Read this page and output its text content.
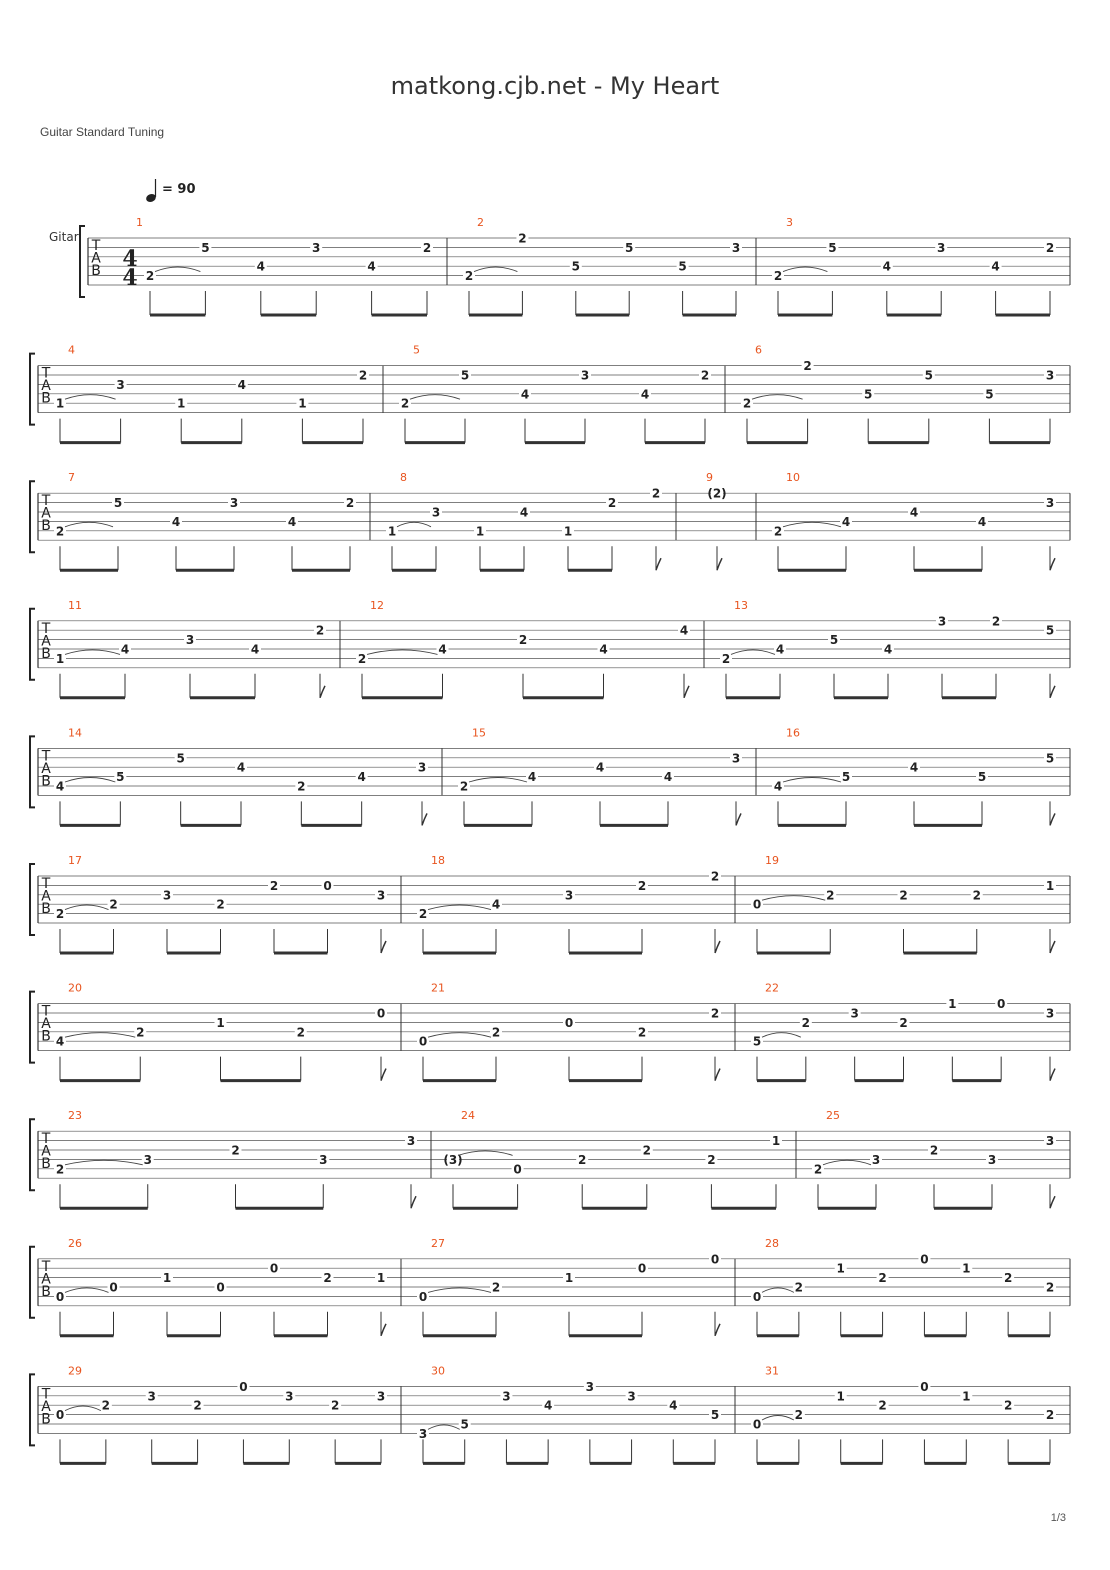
matkong.cjb.net - My Heart
Guitar Standard Tuning
= 90
T
A
B
Gitar
4
4
1
2
5
4
3
4
2
2
2
2
5
5
5
3
3
2
5
4
3
4
2
T
A
B
4
1
3
1
4
1
2
5
2
5
4
3
4
2
6
2
2
5
5
5
3
T
A
B
7
2
5
4
3
4
2
8
1
3
1
4
1
2
2
9
(2)
10
2
4
4
4
3
T
A
B
11
1
4
3
4
2
12
2
4
2
4
4
13
2
4
5
4
3	2
5
T
A
B
14
4
5
5
4
2
4
3
15
2
4
4
4
3
16
4
5
4
5
5
T
A
B
17
2
2
3
2
2	0
3
18
2
4
3
2
2
19
0
2	2	2
1
T
A
B
20
4
2
1
2
0
21
0
2
0
2
2
22
5
2
3
2
1	0
3
T
A
B
23
2
3
2
3
3
24
(3)
0
2
2
2
1
25
2
3
2
3
3
T
A
B
26
0
0
1
0
0
2	1
27
0
2
1
0
0
28
0
2
1
2
0
1
2
2
T
A
B
29
0
2
3
2
0
3
2
3
30
3
5
3
4
3
3
4
5
31
0
2
1
2
0
1
2
2
1/3
